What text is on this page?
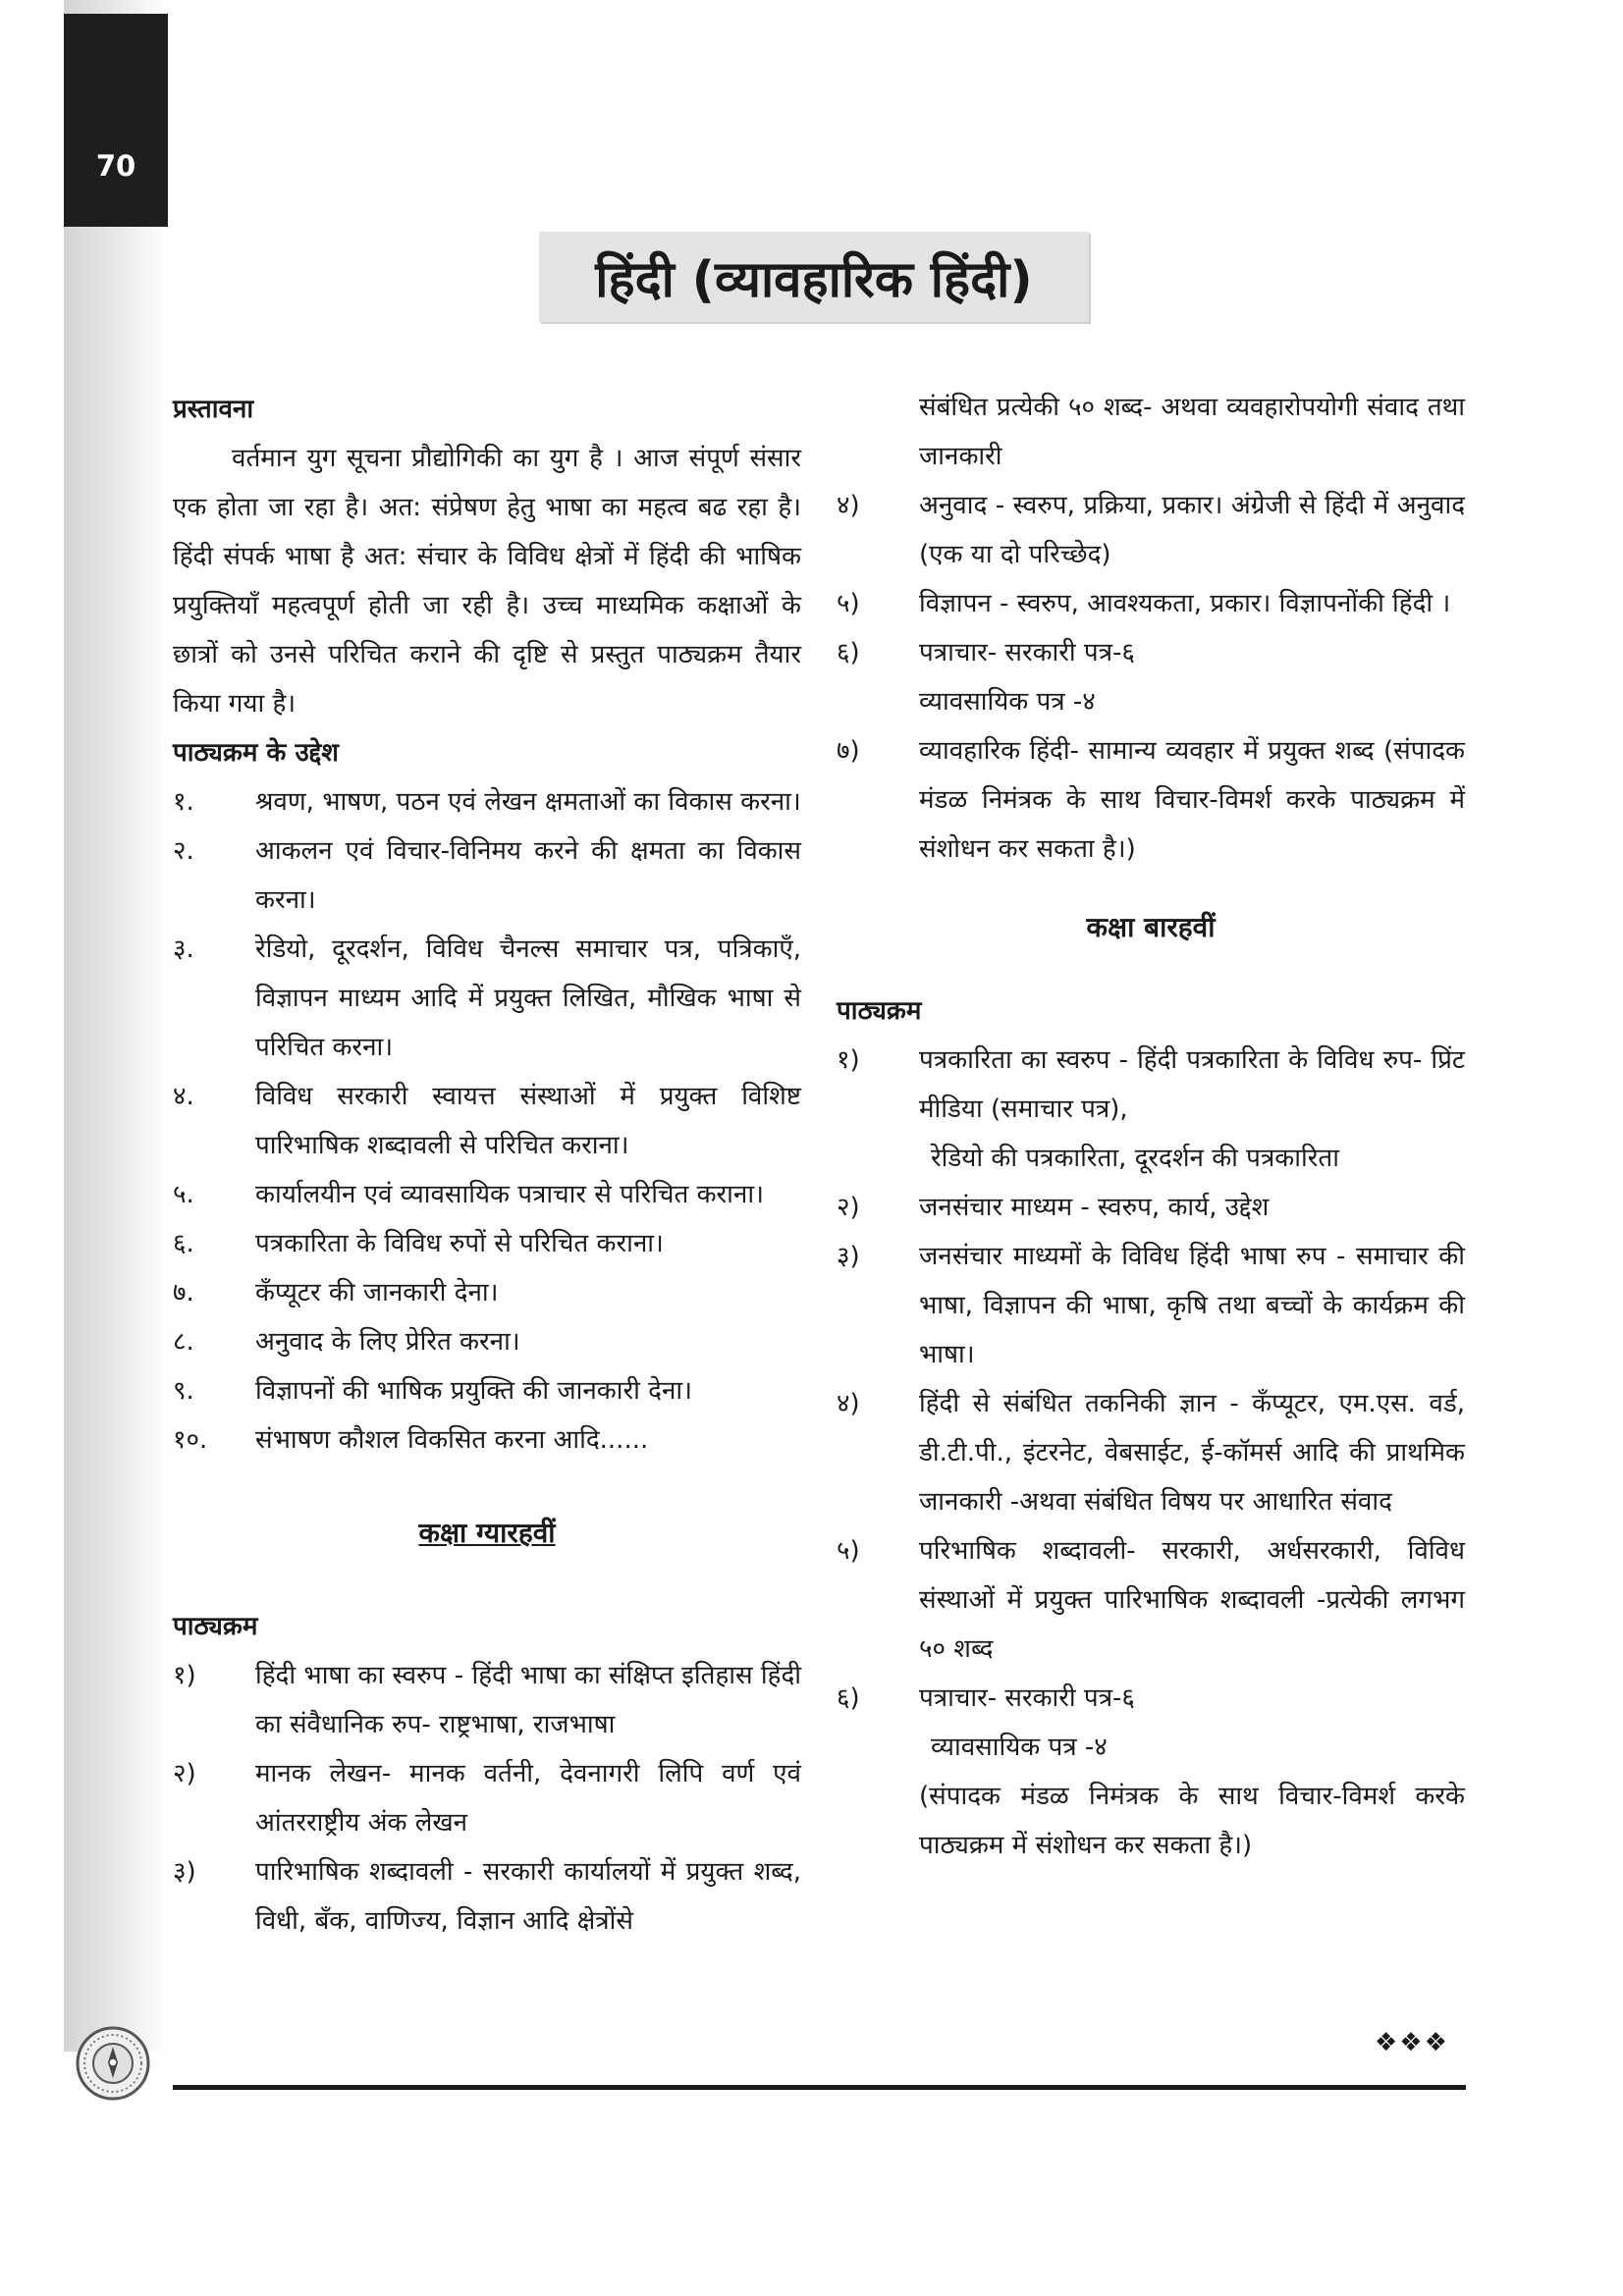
70
हिंदी (व्यावहारिक हिंदी)
प्रस्तावना
वर्तमान युग सूचना प्रौद्योगिकी का युग है । आज संपूर्ण संसार एक होता जा रहा है। अत: संप्रेषण हेतु भाषा का महत्व बढ रहा है। हिंदी संपर्क भाषा है अत: संचार के विविध क्षेत्रों में हिंदी की भाषिक प्रयुक्तियाँ महत्वपूर्ण होती जा रही है। उच्च माध्यमिक कक्षाओं के छात्रों को उनसे परिचित कराने की दृष्टि से प्रस्तुत पाठ्यक्रम तैयार किया गया है।
पाठ्यक्रम के उद्देश
१.	श्रवण, भाषण, पठन एवं लेखन क्षमताओं का विकास करना।
२.	आकलन एवं विचार-विनिमय करने की क्षमता का विकास करना।
३.	रेडियो, दूरदर्शन, विविध चैनल्स समाचार पत्र, पत्रिकाएँ, विज्ञापन माध्यम आदि में प्रयुक्त लिखित, मौखिक भाषा से परिचित करना।
४.	विविध सरकारी स्वायत्त संस्थाओं में प्रयुक्त विशिष्ट पारिभाषिक शब्दावली से परिचित कराना।
५.	कार्यालयीन एवं व्यावसायिक पत्राचार से परिचित कराना।
६.	पत्रकारिता के विविध रुपों से परिचित कराना।
७.	कँप्यूटर की जानकारी देना।
८.	अनुवाद के लिए प्रेरित करना।
९.	विज्ञापनों की भाषिक प्रयुक्ति की जानकारी देना।
१०.	संभाषण कौशल विकसित करना आदि......
कक्षा ग्यारहवीं
पाठ्यक्रम
१)	हिंदी भाषा का स्वरुप - हिंदी भाषा का संक्षिप्त इतिहास हिंदी का संवैधानिक रुप- राष्ट्रभाषा, राजभाषा
२)	मानक लेखन- मानक वर्तनी, देवनागरी लिपि वर्ण एवं आंतरराष्ट्रीय अंक लेखन
३)	पारिभाषिक शब्दावली - सरकारी कार्यालयों में प्रयुक्त शब्द, विधी, बँक, वाणिज्य, विज्ञान आदि क्षेत्रोंसे
संबंधित प्रत्येकी ५० शब्द- अथवा व्यवहारोपयोगी संवाद तथा जानकारी
४)	अनुवाद - स्वरुप, प्रक्रिया, प्रकार। अंग्रेजी से हिंदी में अनुवाद (एक या दो परिच्छेद)
५)	विज्ञापन - स्वरुप, आवश्यकता, प्रकार। विज्ञापनोंकी हिंदी ।
६)	पत्राचार- सरकारी पत्र-६
व्यावसायिक पत्र -४
७)	व्यावहारिक हिंदी- सामान्य व्यवहार में प्रयुक्त शब्द (संपादक मंडळ निमंत्रक के साथ विचार-विमर्श करके पाठ्यक्रम में संशोधन कर सकता है।)
कक्षा बारहवीं
पाठ्यक्रम
१)	पत्रकारिता का स्वरुप - हिंदी पत्रकारिता के विविध रुप- प्रिंट मीडिया (समाचार पत्र),
रेडियो की पत्रकारिता, दूरदर्शन की पत्रकारिता
२)	जनसंचार माध्यम - स्वरुप, कार्य, उद्देश
३)	जनसंचार माध्यमों के विविध हिंदी भाषा रुप - समाचार की भाषा, विज्ञापन की भाषा, कृषि तथा बच्चों के कार्यक्रम की भाषा।
४)	हिंदी से संबंधित तकनिकी ज्ञान - कँप्यूटर, एम.एस. वर्ड, डी.टी.पी., इंटरनेट, वेबसाईट, ई-कॉमर्स आदि की प्राथमिक जानकारी -अथवा संबंधित विषय पर आधारित संवाद
५)	परिभाषिक शब्दावली- सरकारी, अर्धसरकारी, विविध संस्थाओं में प्रयुक्त पारिभाषिक शब्दावली -प्रत्येकी लगभग ५० शब्द
६)	पत्राचार- सरकारी पत्र-६
व्यावसायिक पत्र -४
(संपादक मंडळ निमंत्रक के साथ विचार-विमर्श करके पाठ्यक्रम में संशोधन कर सकता है।)
❖❖❖
